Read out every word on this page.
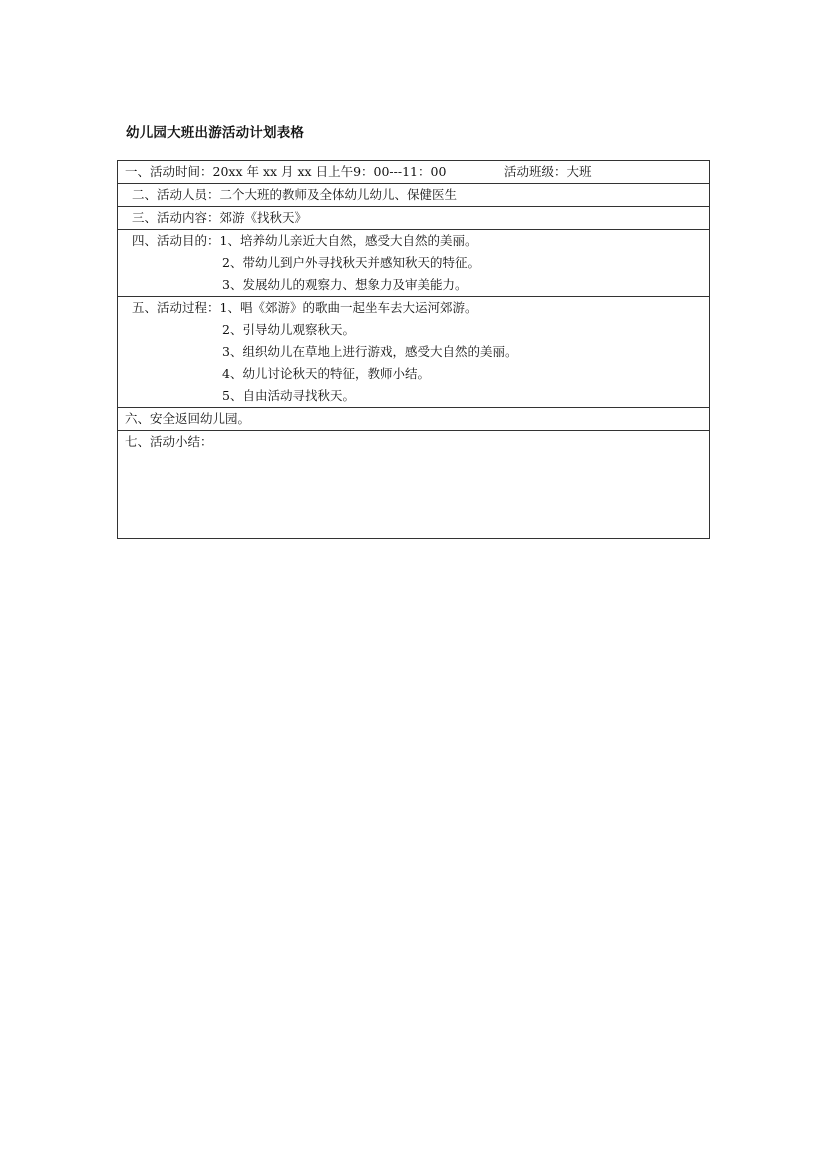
幼儿园大班出游活动计划表格
一、活动时间：20xx 年 xx 月 xx 日上午9：00---11：00	活动班级：大班
二、活动人员：二个大班的教师及全体幼儿幼儿、保健医生
三、活动内容：郊游《找秋天》
四、活动目的：1、培养幼儿亲近大自然，感受大自然的美丽。
2、带幼儿到户外寻找秋天并感知秋天的特征。
3、发展幼儿的观察力、想象力及审美能力。
五、活动过程：1、唱《郊游》的歌曲一起坐车去大运河郊游。
2、引导幼儿观察秋天。
3、组织幼儿在草地上进行游戏，感受大自然的美丽。
4、幼儿讨论秋天的特征，教师小结。
5、自由活动寻找秋天。
六、安全返回幼儿园。
七、活动小结：
